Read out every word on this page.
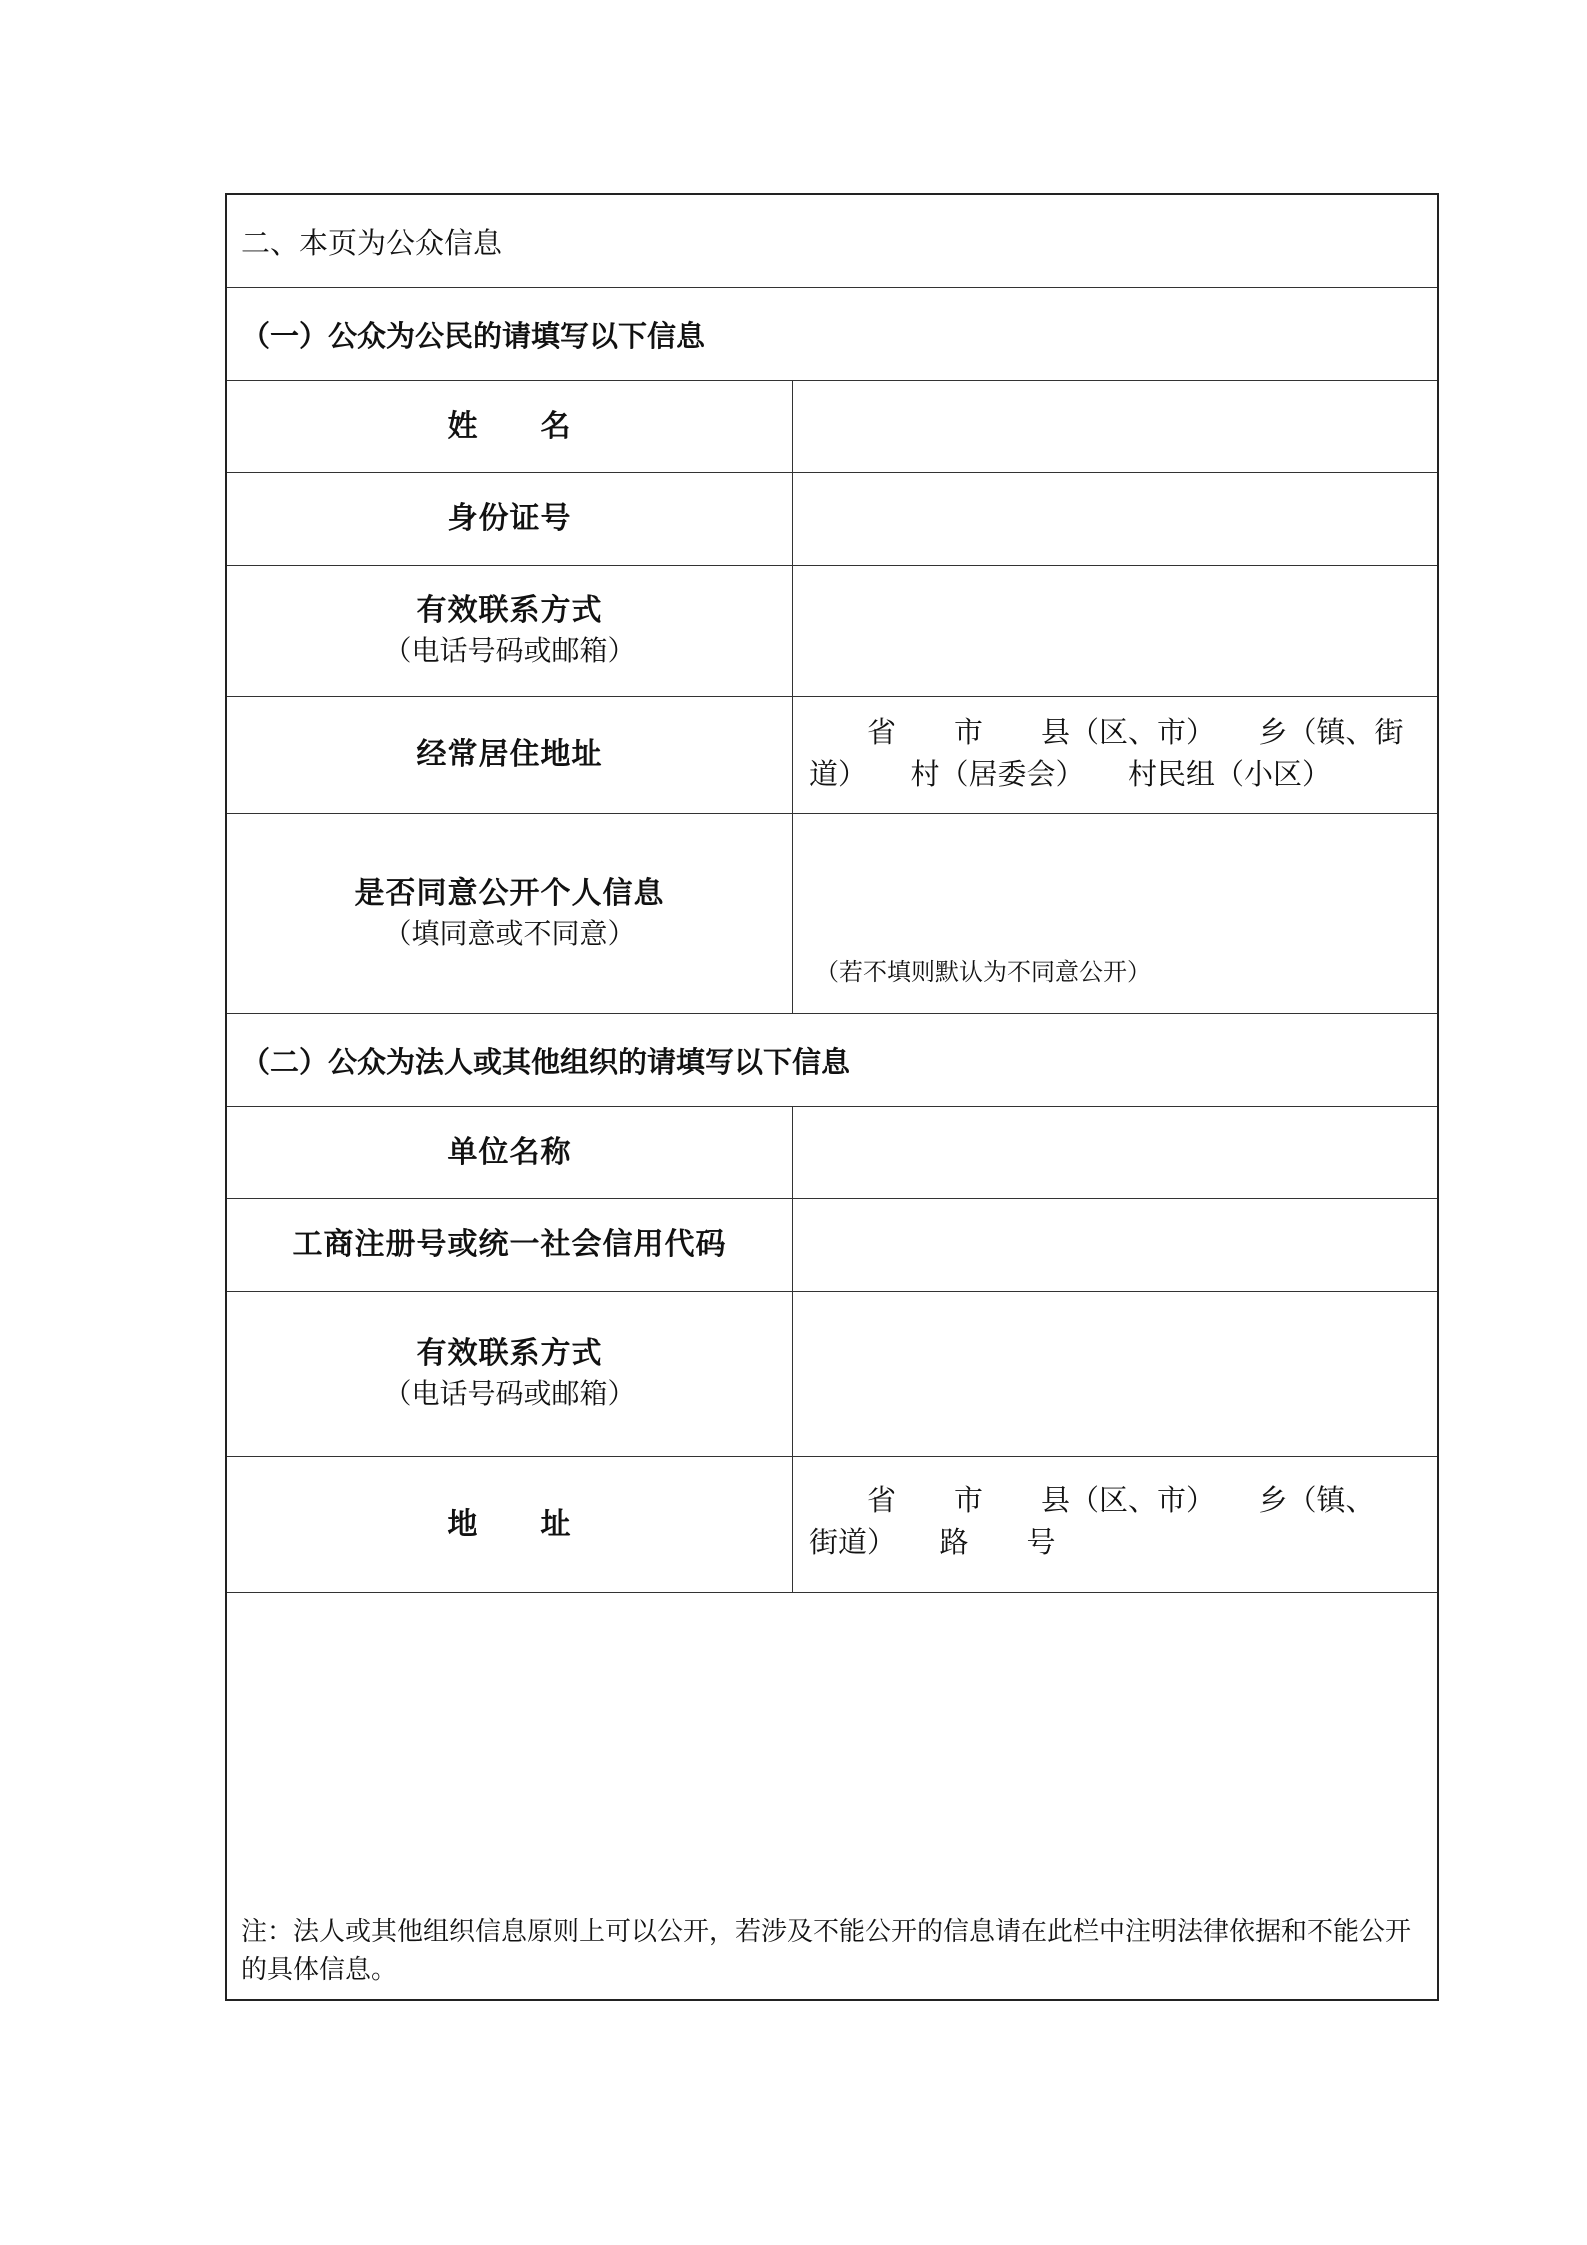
二、本页为公众信息
（一）公众为公民的请填写以下信息
姓　　名
身份证号
有效联系方式
（电话号码或邮箱）
经常居住地址
　　省　　市　　县（区、市）　　乡（镇、街
道）　　村（居委会）　　村民组（小区）
是否同意公开个人信息
（填同意或不同意）
（若不填则默认为不同意公开）
（二）公众为法人或其他组织的请填写以下信息
单位名称
工商注册号或统一社会信用代码
有效联系方式
（电话号码或邮箱）
地　　址
　　省　　市　　县（区、市）　　乡（镇、
街道）　　路　　号
注：法人或其他组织信息原则上可以公开，若涉及不能公开的信息请在此栏中注明法律依据和不能公开的具体信息。
